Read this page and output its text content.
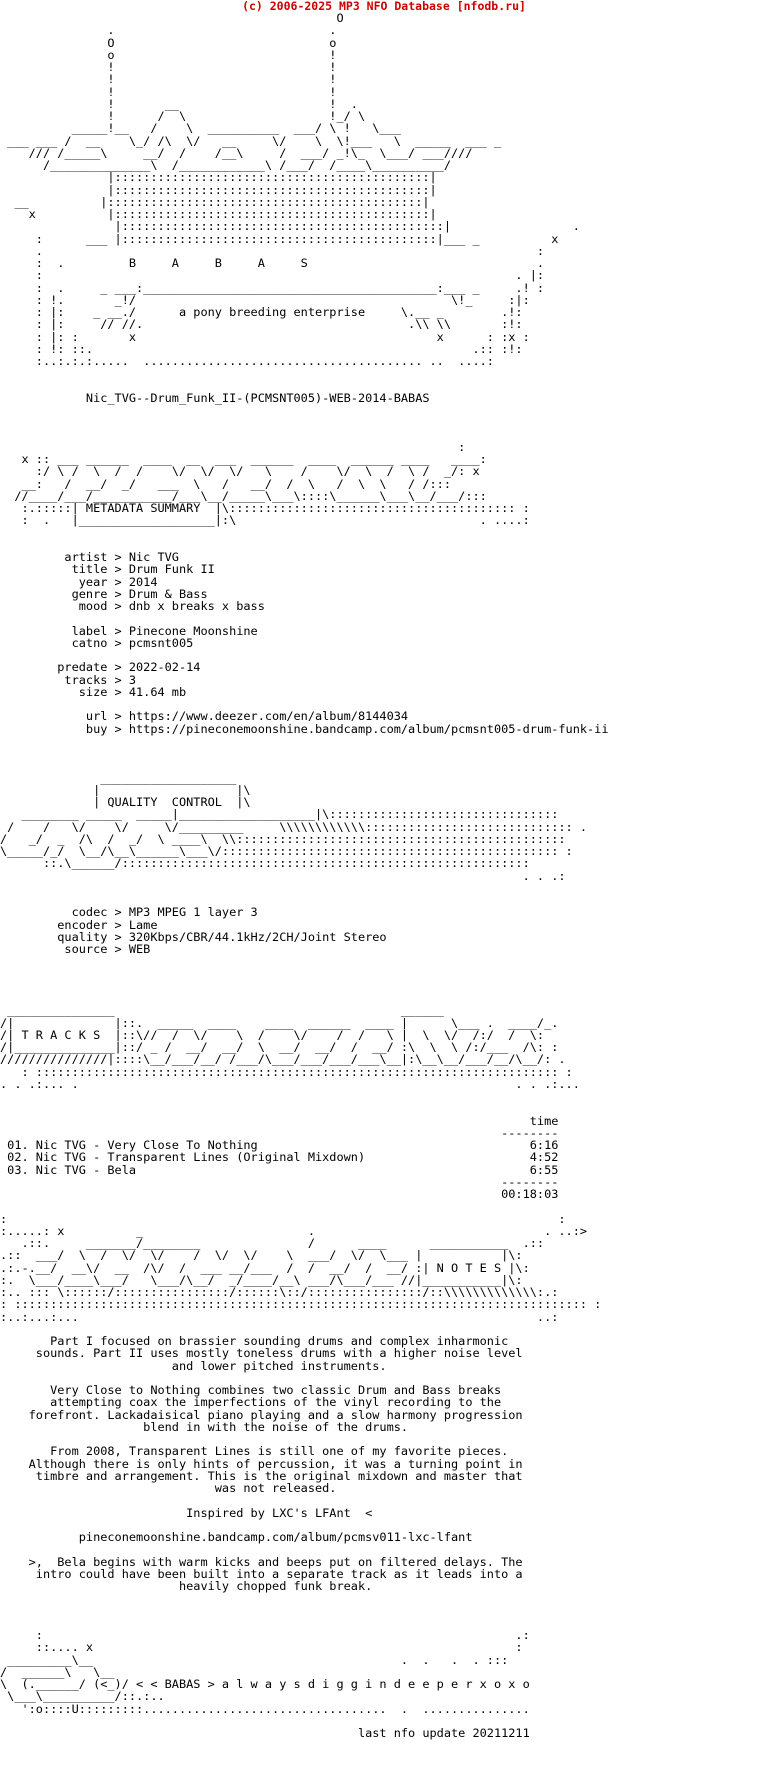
(c) 2006-2025 MP3 NFO Database [nfodb.ru]
O
.                              .
O                              o
o                              !
!                              !
!                              !
!                              !
!       __                     !  .
!      /  \                    !_/ \
_____!__   /    \  __________  ___/ \ !   \___
___ ___ /  __    \_/ /\  \/   __     \/    \  \!___   \  _____  ___ _
/// /_____\     __/  /    /__\     /  ___/ _!\_  \___/ ___////
/______________\  /____________\ /___/  /____\__________/
|::::::::::::::::::::::::::::::::::::::::::::|
|::::::::::::::::::::::::::::::::::::::::::::|
__          |::::::::::::::::::::::::::::::::::::::::::::|
x          |::::::::::::::::::::::::::::::::::::::::::::|
|:::::::::::::::::::::::::::::::::::::::::::::|                 .
:      ___ |::::::::::::::::::::::::::::::::::::::::::::|___ _          x
.                                                                     :
:  .         B     A     B     A     S                                .
:                                                                  . |:
:  .     _ ___:_________________________________________:___ _     .! :
: !.       _!/                                            \!_     :|:
: |:    _ __./      a pony breeding enterprise     \.__ _        .!:
: |:     // //.                                     .\\ \\       :!:
: |: :       x                                          x      : :x :
: !: ::.                                                     .:: :!:
:..:.:.:.....  ....................................... ..  ....:
Nic_TVG--Drum_Funk_II-(PCMSNT005)-WEB-2014-BABAS
:
x :: ___ ______  ____  __  ___  ______  ____  ______ ____   ____:
:/ \ /  \  /  /    \/  \/  \/   \    /    \/  \  /  \ /  _/: x
__:   /  __/  _/   ___  \   /   __/  /  \   /  \  \   / /:::
//____/___/___________/___\__/_____\___\::::\______\___\__/___/:::
:.:::::| METADATA SUMMARY  |\:::::::::::::::::::::::::::::::::::::::: :
:  .   |___________________|:\                                  . ....:
artist > Nic TVG
title > Drum Funk II
year > 2014
genre > Drum & Bass
mood > dnb x breaks x bass
label > Pinecone Moonshine
catno > pcmsnt005
predate > 2022-02-14
tracks > 3
size > 41.64 mb
url > https://www.deezer.com/en/album/8144034
buy > https://pineconemoonshine.bandcamp.com/album/pcmsnt005-drum-funk-ii
___________________
|                   |\
| QUALITY  CONTROL  |\
________ _____  _____|___________________|\::::::::::::::::::::::::::::::::
/    /   \/    \/     \/_________     \\\\\\\\\\\\::::::::::::::::::::::::::::: .
/   _/  _  /\  /  _/  \ ____\  \\::::::::::::::::::::::::::::::::::::::::::::::
\_____/_/  \__/\__\______\___\/::::::::::::::::::::::::::::::::::::::::::::::: :
::.\______/:::::::::::::::::::::::::::::::::::::::::::::::::::::::::
. . .:
codec > MP3 MPEG 1 layer 3
encoder > Lame
quality > 320Kbps/CBR/44.1kHz/2CH/Joint Stereo
source > WEB
_______________                                        ______
/|              |::.  _____  ____    ____  ______  ____ |      \___ .  ____/_.
/| T R A C K S  |::\//  /  \/    \  /    \/    /  /   \ |  \  \/  /:/  /  \:
/|______________|::/ _ /  __/  __/  \  __/  __/  /  __/ :\  \  \ /:/___  /\: :
///////////////|::::\__/___/__/ /___/\___/___/___/___\__|:\__\__/___/__/\__/: .
: ::::::::::::::::::::::::::::::::::::::::::::::::::::::::::::::::::::::::: :
. . .:... .                                                             . . .:...
time
--------
01. Nic TVG - Very Close To Nothing                                      6:16
02. Nic TVG - Transparent Lines (Original Mixdown)                       4:52
03. Nic TVG - Bela                                                       6:55
--------
00:18:03
:                                                                             :
:.....: x          _                       .                                . ..:>
.::.     _______/________               /      ____      ___________  .::
.::  ___/  \  /  \/  \/    /  \/  \/    \  ___/  \/  \___ |           |\:
.:.-.__/  __\/  __  /\/  /  ___ __/___  /  /  __/  /  __/ :| N O T E S |\:
:.  \___/____\___/   \___/\__/  _/____/__\ ___/\___/___ //|___________|\:
:.. ::: \::::::/::::::::::::::::/::::::\::/::::::::::::::::/::\\\\\\\\\\\\\:.:
: :::::::::::::::::::::::::::::::::::::::::::::::::::::::::::::::::::::::::::::::: :
:..:...:...                                                                ..:
Part I focused on brassier sounding drums and complex inharmonic
sounds. Part II uses mostly toneless drums with a higher noise level
and lower pitched instruments.
Very Close to Nothing combines two classic Drum and Bass breaks
attempting coax the imperfections of the vinyl recording to the
forefront. Lackadaisical piano playing and a slow harmony progression
blend in with the noise of the drums.
From 2008, Transparent Lines is still one of my favorite pieces.
Although there is only hints of percussion, it was a turning point in
timbre and arrangement. This is the original mixdown and master that
was not released.
Inspired by LXC's LFAnt  <
pineconemoonshine.bandcamp.com/album/pcmsv011-lxc-lfant
>,  Bela begins with warm kicks and beeps put on filtered delays. The
intro could have been built into a separate track as it leads into a
heavily chopped funk break.
:                                                                  .:
::.... x                                                           :
_________\__                                           .  .   .  . :::
/  ______\   \__
\  (.______/ (<_)/ < < BABAS > a l w a y s d i g g i n d e e p e r x o x o
\___\__________/::.:..
':o::::U:::::::::..................................  .  ...............
last nfo update 20211211
